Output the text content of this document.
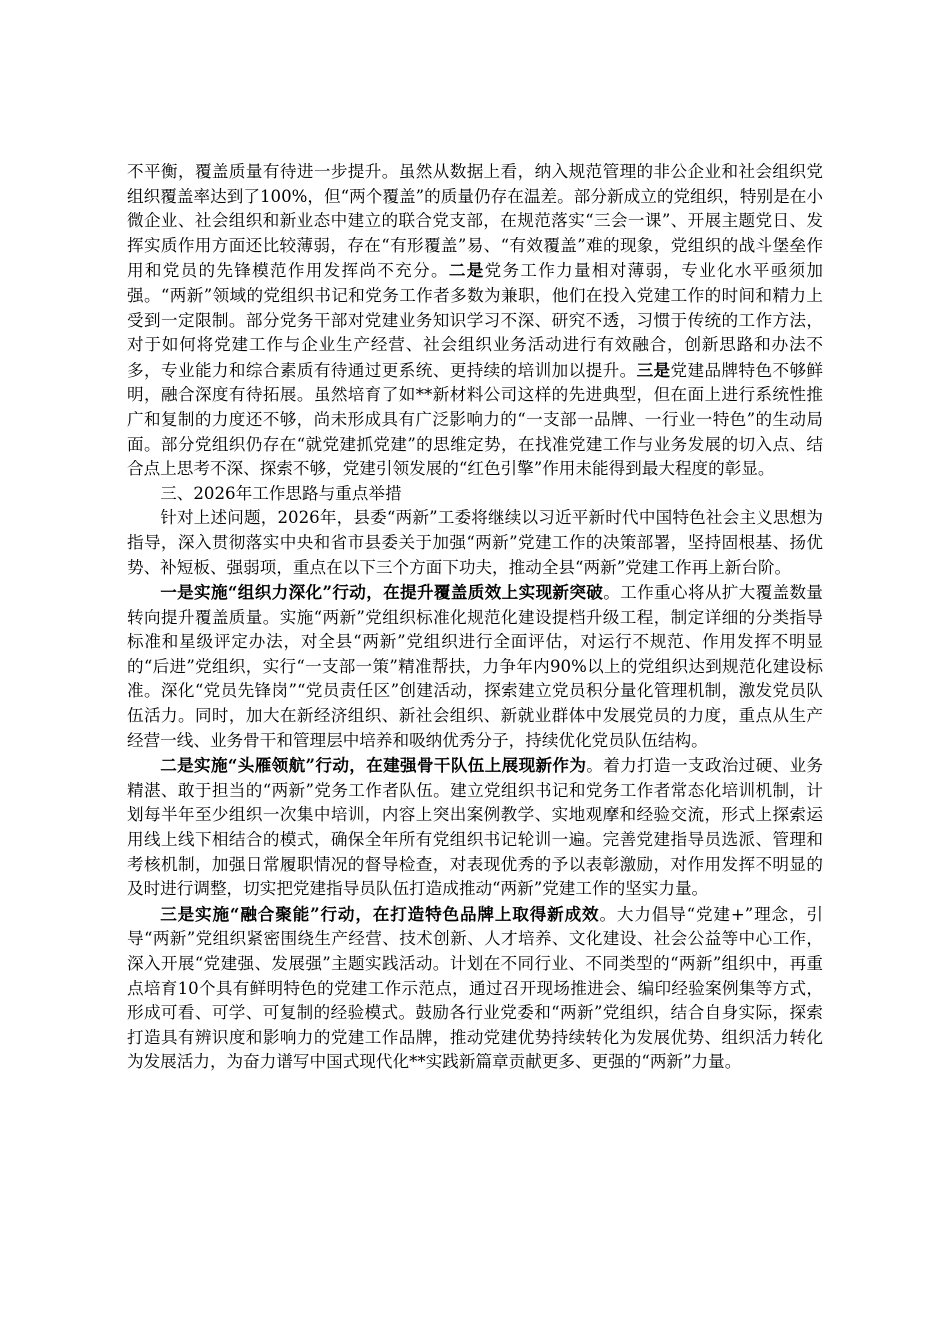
不平衡，覆盖质量有待进一步提升。虽然从数据上看，纳入规范管理的非公企业和社会组织党组织覆盖率达到了100%，但“两个覆盖”的质量仍存在温差。部分新成立的党组织，特别是在小微企业、社会组织和新业态中建立的联合党支部，在规范落实“三会一课”、开展主题党日、发挥实质作用方面还比较薄弱，存在“有形覆盖”易、“有效覆盖”难的现象，党组织的战斗堡垒作用和党员的先锋模范作用发挥尚不充分。二是党务工作力量相对薄弱，专业化水平亟须加强。“两新”领域的党组织书记和党务工作者多数为兼职，他们在投入党建工作的时间和精力上受到一定限制。部分党务干部对党建业务知识学习不深、研究不透，习惯于传统的工作方法，对于如何将党建工作与企业生产经营、社会组织业务活动进行有效融合，创新思路和办法不多，专业能力和综合素质有待通过更系统、更持续的培训加以提升。三是党建品牌特色不够鲜明，融合深度有待拓展。虽然培育了如**新材料公司这样的先进典型，但在面上进行系统性推广和复制的力度还不够，尚未形成具有广泛影响力的“一支部一品牌、一行业一特色”的生动局面。部分党组织仍存在“就党建抓党建”的思维定势，在找准党建工作与业务发展的切入点、结合点上思考不深、探索不够，党建引领发展的“红色引擎”作用未能得到最大程度的彰显。

三、2026年工作思路与重点举措

针对上述问题，2026年，县委“两新”工委将继续以习近平新时代中国特色社会主义思想为指导，深入贯彻落实中央和省市县委关于加强“两新”党建工作的决策部署，坚持固根基、扬优势、补短板、强弱项，重点在以下三个方面下功夫，推动全县“两新”党建工作再上新台阶。

一是实施“组织力深化”行动，在提升覆盖质效上实现新突破。工作重心将从扩大覆盖数量转向提升覆盖质量。实施“两新”党组织标准化规范化建设提档升级工程，制定详细的分类指导标准和星级评定办法，对全县“两新”党组织进行全面评估，对运行不规范、作用发挥不明显的“后进”党组织，实行“一支部一策”精准帮扶，力争年内90%以上的党组织达到规范化建设标准。深化“党员先锋岗”“党员责任区”创建活动，探索建立党员积分量化管理机制，激发党员队伍活力。同时，加大在新经济组织、新社会组织、新就业群体中发展党员的力度，重点从生产经营一线、业务骨干和管理层中培养和吸纳优秀分子，持续优化党员队伍结构。

二是实施“头雁领航”行动，在建强骨干队伍上展现新作为。着力打造一支政治过硬、业务精湛、敢于担当的“两新”党务工作者队伍。建立党组织书记和党务工作者常态化培训机制，计划每半年至少组织一次集中培训，内容上突出案例教学、实地观摩和经验交流，形式上探索运用线上线下相结合的模式，确保全年所有党组织书记轮训一遍。完善党建指导员选派、管理和考核机制，加强日常履职情况的督导检查，对表现优秀的予以表彰激励，对作用发挥不明显的及时进行调整，切实把党建指导员队伍打造成推动“两新”党建工作的坚实力量。

三是实施“融合聚能”行动，在打造特色品牌上取得新成效。大力倡导“党建+”理念，引导“两新”党组织紧密围绕生产经营、技术创新、人才培养、文化建设、社会公益等中心工作，深入开展“党建强、发展强”主题实践活动。计划在不同行业、不同类型的“两新”组织中，再重点培育10个具有鲜明特色的党建工作示范点，通过召开现场推进会、编印经验案例集等方式，形成可看、可学、可复制的经验模式。鼓励各行业党委和“两新”党组织，结合自身实际，探索打造具有辨识度和影响力的党建工作品牌，推动党建优势持续转化为发展优势、组织活力转化为发展活力，为奋力谱写中国式现代化**实践新篇章贡献更多、更强的“两新”力量。
